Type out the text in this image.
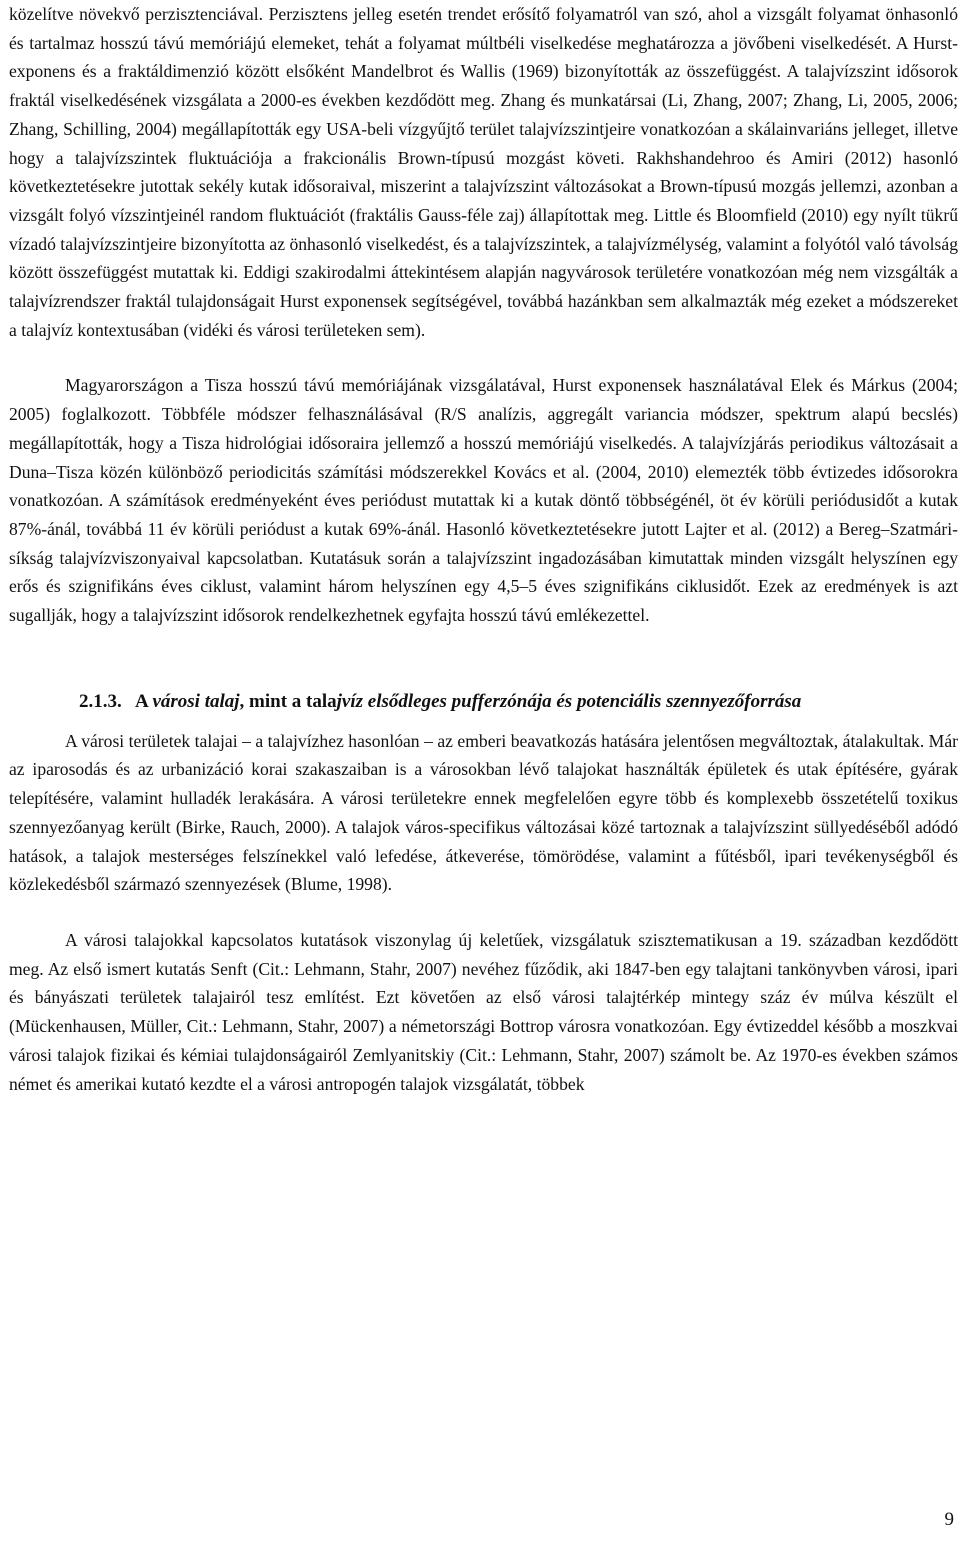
közelítve növekvő perzisztenciával. Perzisztens jelleg esetén trendet erősítő folyamatról van szó, ahol a vizsgált folyamat önhasonló és tartalmaz hosszú távú memóriájú elemeket, tehát a folyamat múltbéli viselkedése meghatározza a jövőbeni viselkedését. A Hurst-exponens és a fraktáldimenzió között elsőként Mandelbrot és Wallis (1969) bizonyították az összefüggést. A talajvízszint idősorok fraktál viselkedésének vizsgálata a 2000-es években kezdődött meg. Zhang és munkatársai (Li, Zhang, 2007; Zhang, Li, 2005, 2006; Zhang, Schilling, 2004) megállapították egy USA-beli vízgyűjtő terület talajvízszintjeire vonatkozóan a skálainvariáns jelleget, illetve hogy a talajvízszintek fluktuációja a frakcionális Brown-típusú mozgást követi. Rakhshandehroo és Amiri (2012) hasonló következtetésekre jutottak sekély kutak idősoraival, miszerint a talajvízszint változásokat a Brown-típusú mozgás jellemzi, azonban a vizsgált folyó vízszintjeinél random fluktuációt (fraktális Gauss-féle zaj) állapítottak meg. Little és Bloomfield (2010) egy nyílt tükrű vízadó talajvízszintjeire bizonyította az önhasonló viselkedést, és a talajvízszintek, a talajvízmélység, valamint a folyótól való távolság között összefüggést mutattak ki. Eddigi szakirodalmi áttekintésem alapján nagyvárosok területére vonatkozóan még nem vizsgálták a talajvízrendszer fraktál tulajdonságait Hurst exponensek segítségével, továbbá hazánkban sem alkalmazták még ezeket a módszereket a talajvíz kontextusában (vidéki és városi területeken sem).

Magyarországon a Tisza hosszú távú memóriájának vizsgálatával, Hurst exponensek használatával Elek és Márkus (2004; 2005) foglalkozott. Többféle módszer felhasználásával (R/S analízis, aggregált variancia módszer, spektrum alapú becslés) megállapították, hogy a Tisza hidrológiai idősoraira jellemző a hosszú memóriájú viselkedés. A talajvízjárás periodikus változásait a Duna–Tisza közén különböző periodicitás számítási módszerekkel Kovács et al. (2004, 2010) elemezték több évtizedes idősorokra vonatkozóan. A számítások eredményeként éves periódust mutattak ki a kutak döntő többségénél, öt év körüli periódusidőt a kutak 87%-ánál, továbbá 11 év körüli periódust a kutak 69%-ánál. Hasonló következtetésekre jutott Lajter et al. (2012) a Bereg–Szatmári-síkság talajvízviszonyaival kapcsolatban. Kutatásuk során a talajvízszint ingadozásában kimutattak minden vizsgált helyszínen egy erős és szignifikáns éves ciklust, valamint három helyszínen egy 4,5–5 éves szignifikáns ciklusidőt. Ezek az eredmények is azt sugallják, hogy a talajvízszint idősorok rendelkezhetnek egyfajta hosszú távú emlékezettel.

2.1.3. A városi talaj, mint a talajvíz elsődleges pufferzónája és potenciális szennyezőforrása

A városi területek talajai – a talajvízhez hasonlóan – az emberi beavatkozás hatására jelentősen megváltoztak, átalakultak. Már az iparosodás és az urbanizáció korai szakaszaiban is a városokban lévő talajokat használták épületek és utak építésére, gyárak telepítésére, valamint hulladék lerakására. A városi területekre ennek megfelelően egyre több és komplexebb összetételű toxikus szennyezőanyag került (Birke, Rauch, 2000). A talajok város-specifikus változásai közé tartoznak a talajvízszint süllyedéséből adódó hatások, a talajok mesterséges felszínekkel való lefedése, átkeverése, tömörödése, valamint a fűtésből, ipari tevékenységből és közlekedésből származó szennyezések (Blume, 1998).

A városi talajokkal kapcsolatos kutatások viszonylag új keletűek, vizsgálatuk szisztematikusan a 19. században kezdődött meg. Az első ismert kutatás Senft (Cit.: Lehmann, Stahr, 2007) nevéhez fűződik, aki 1847-ben egy talajtani tankönyvben városi, ipari és bányászati területek talajairól tesz említést. Ezt követően az első városi talajtérkép mintegy száz év múlva készült el (Mückenhausen, Müller, Cit.: Lehmann, Stahr, 2007) a németországi Bottrop városra vonatkozóan. Egy évtizeddel később a moszkvai városi talajok fizikai és kémiai tulajdonságairól Zemlyanitskiy (Cit.: Lehmann, Stahr, 2007) számolt be. Az 1970-es években számos német és amerikai kutató kezdte el a városi antropogén talajok vizsgálatát, többek

9
